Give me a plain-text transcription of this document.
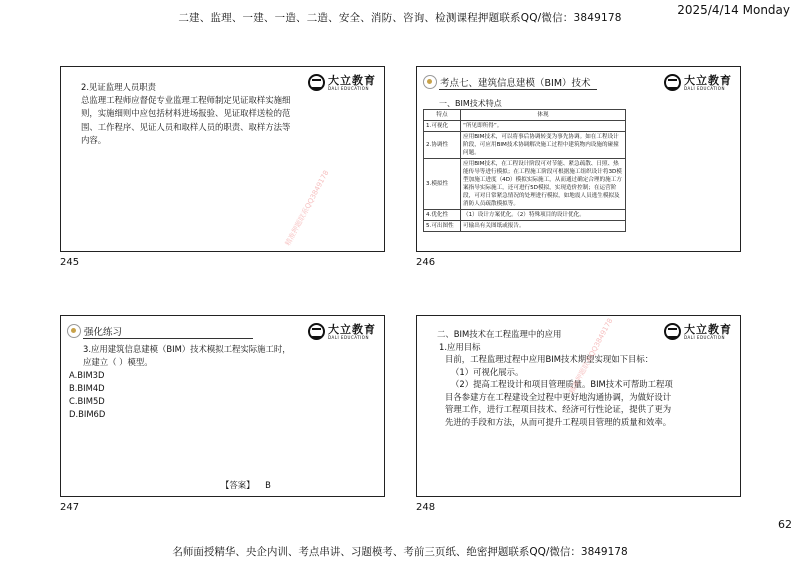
2025/4/14 Monday
二建、监理、一建、一造、二造、安全、消防、咨询、检测课程押题联系QQ/微信：3849178
大立教育
DALI EDUCATION
2.见证监理人员职责
总监理工程师应督促专业监理工程师制定见证取样实施细则，实施细则中应包括材料进场报验、见证取样送检的范围、工作程序、见证人员和取样人员的职责、取样方法等内容。
精准押题联系QQ3849178
245
考点七、建筑信息建模（BIM）技术	大立教育
DALI EDUCATION
一、BIM技术特点
特点	体现
1.可视化	“所见即所得”。
2.协调性	应用BIM技术，可以将事后协调转变为事先协调。如在工程设计阶段，可应用BIM技术协调解决施工过程中建筑物内设施的碰撞问题。
3.模拟性	应用BIM技术，在工程设计阶段可对节能、紧急疏散、日照、热能传导等进行模拟；在工程施工阶段可根据施工组织设计将3D模型加施工进度（4D）模拟实际施工，从而通过确定合理的施工方案指导实际施工，还可进行5D模拟，实现造价控制；在运营阶段，可对日常紧急情况的处理进行模拟，如地震人员逃生模拟及消防人员疏散模拟等。
4.优化性	（1）设计方案优化。（2）特殊项目的设计优化。
5.可出图性	可输出有关图纸或报告。
246
强化练习	大立教育
DALI EDUCATION
3.应用建筑信息建模（BIM）技术模拟工程实际施工时，应建立（ ）模型。
A.BIM3D
B.BIM4D
C.BIM5D
D.BIM6D
【答案】 B
247
大立教育
DALI EDUCATION
二、BIM技术在工程监理中的应用
1.应用目标
目前，工程监理过程中应用BIM技术期望实现如下目标：
（1）可视化展示。
（2）提高工程设计和项目管理质量。BIM技术可帮助工程项目各参建方在工程建设全过程中更好地沟通协调，为做好设计管理工作，进行工程项目技术、经济可行性论证，提供了更为先进的手段和方法，从而可提升工程项目管理的质量和效率。
精准押题联系QQ3849178
248
62
名师面授精华、央企内训、考点串讲、习题模考、考前三页纸、绝密押题联系QQ/微信：3849178
